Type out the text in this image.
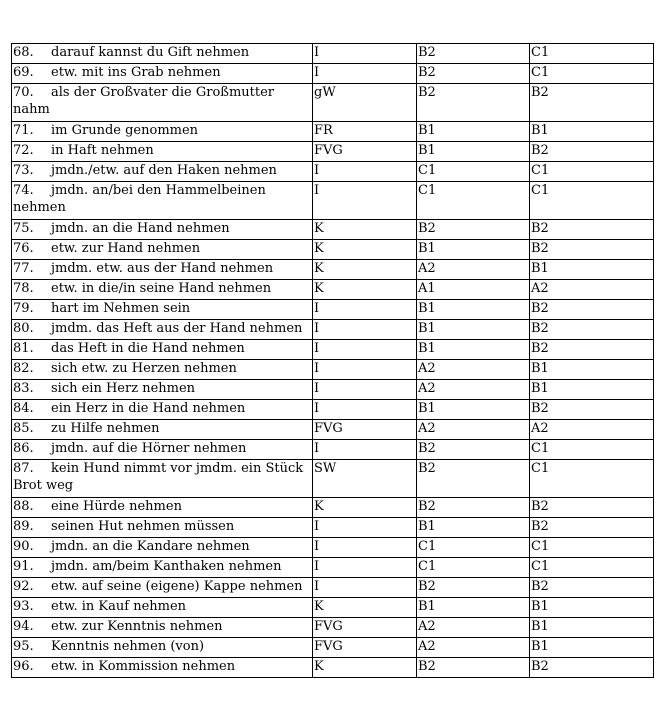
68. darauf kannst du Gift nehmen	I	B2	C1
69. etw. mit ins Grab nehmen	I	B2	C1
70. als der Großvater die Großmutter nahm	gW	B2	B2
71. im Grunde genommen	FR	B1	B1
72. in Haft nehmen	FVG	B1	B2
73. jmdn./etw. auf den Haken nehmen	I	C1	C1
74. jmdn. an/bei den Hammelbeinen nehmen	I	C1	C1
75. jmdn. an die Hand nehmen	K	B2	B2
76. etw. zur Hand nehmen	K	B1	B2
77. jmdm. etw. aus der Hand nehmen	K	A2	B1
78. etw. in die/in seine Hand nehmen	K	A1	A2
79. hart im Nehmen sein	I	B1	B2
80. jmdm. das Heft aus der Hand nehmen	I	B1	B2
81. das Heft in die Hand nehmen	I	B1	B2
82. sich etw. zu Herzen nehmen	I	A2	B1
83. sich ein Herz nehmen	I	A2	B1
84. ein Herz in die Hand nehmen	I	B1	B2
85. zu Hilfe nehmen	FVG	A2	A2
86. jmdn. auf die Hörner nehmen	I	B2	C1
87. kein Hund nimmt vor jmdm. ein Stück Brot weg	SW	B2	C1
88. eine Hürde nehmen	K	B2	B2
89. seinen Hut nehmen müssen	I	B1	B2
90. jmdn. an die Kandare nehmen	I	C1	C1
91. jmdn. am/beim Kanthaken nehmen	I	C1	C1
92. etw. auf seine (eigene) Kappe nehmen	I	B2	B2
93. etw. in Kauf nehmen	K	B1	B1
94. etw. zur Kenntnis nehmen	FVG	A2	B1
95. Kenntnis nehmen (von)	FVG	A2	B1
96. etw. in Kommission nehmen	K	B2	B2
